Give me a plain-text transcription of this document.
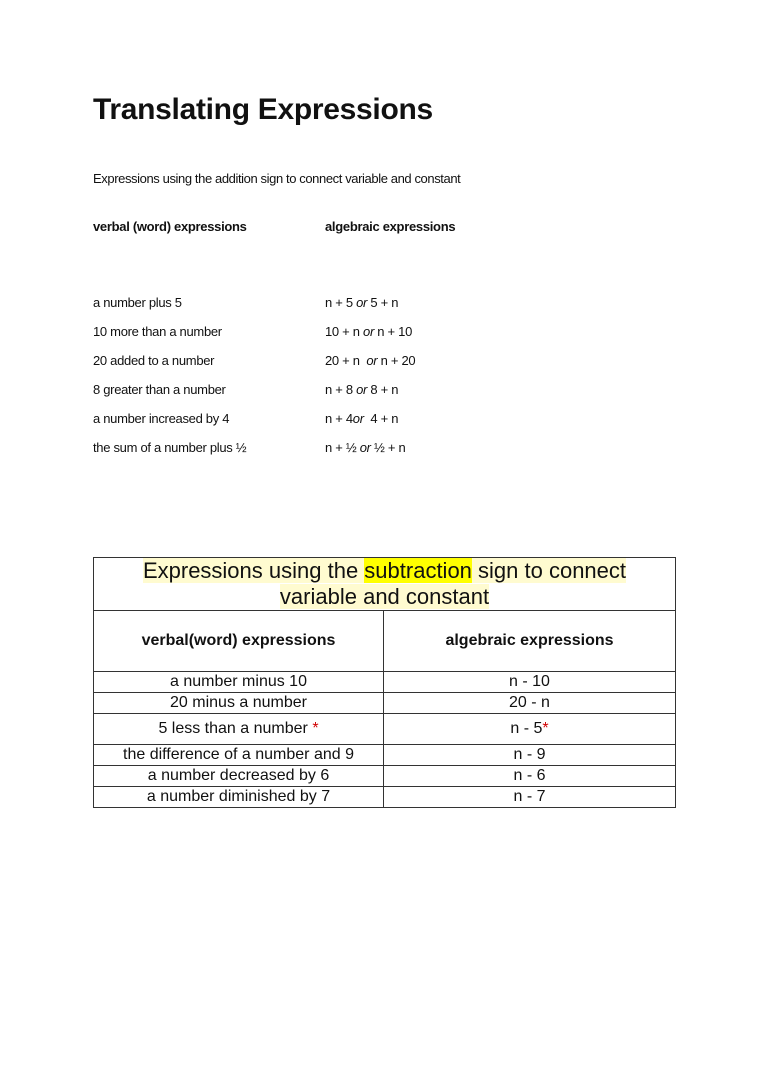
Translating Expressions
Expressions using the addition sign to connect variable and constant
verbal (word) expressions	algebraic expressions
a number plus 5	n + 5 or 5 + n
10 more than a number	10 + n or n + 10
20 added to a number	20 + n  or n + 20
8 greater than a number	n + 8 or 8 + n
a number increased by 4	n + 4or  4 + n
the sum of a number plus ½	n + ½ or ½ + n
Expressions using the subtraction sign to connect
variable and constant	
verbal(word) expressions	algebraic expressions
a number minus 10	n - 10
20 minus a number	20 - n
5 less than a number *	n - 5*
the difference of a number and 9	n - 9
a number decreased by 6	n - 6
a number diminished by 7	n - 7
